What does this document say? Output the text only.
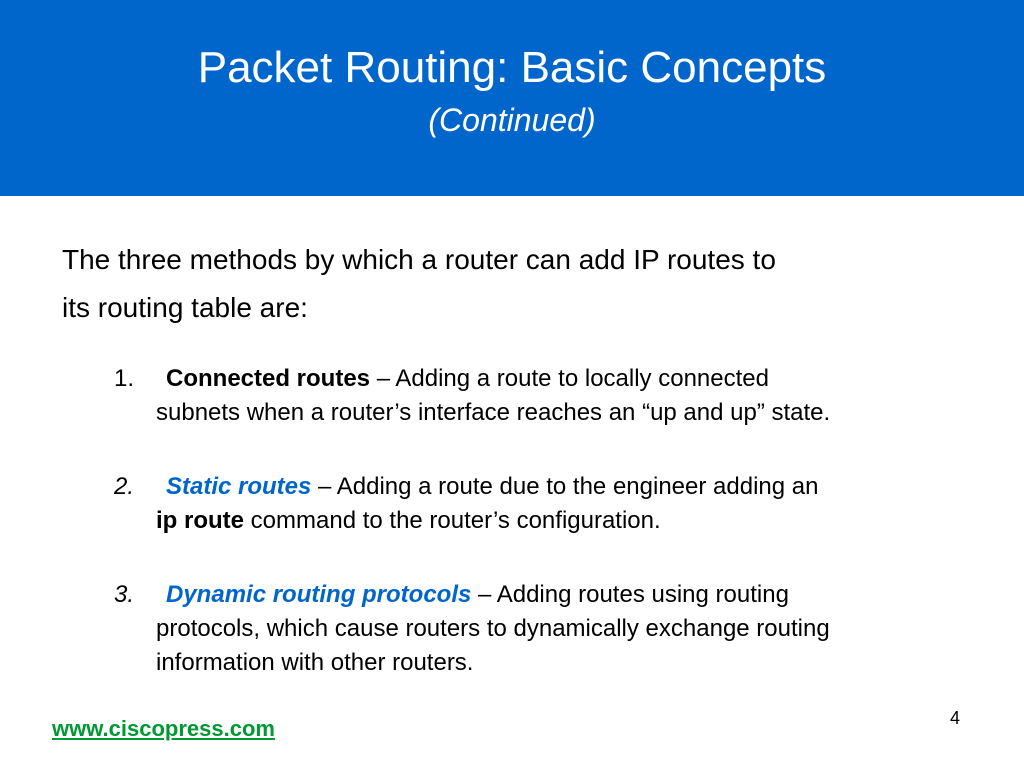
Packet Routing: Basic Concepts
(Continued)
The three methods by which a router can add IP routes to
its routing table are:
1.	Connected routes – Adding a route to locally connected
subnets when a router’s interface reaches an “up and up” state.
2.	Static routes – Adding a route due to the engineer adding an
ip route command to the router’s configuration.
3.	Dynamic routing protocols – Adding routes using routing
protocols, which cause routers to dynamically exchange routing
information with other routers.
www.ciscopress.com	4
